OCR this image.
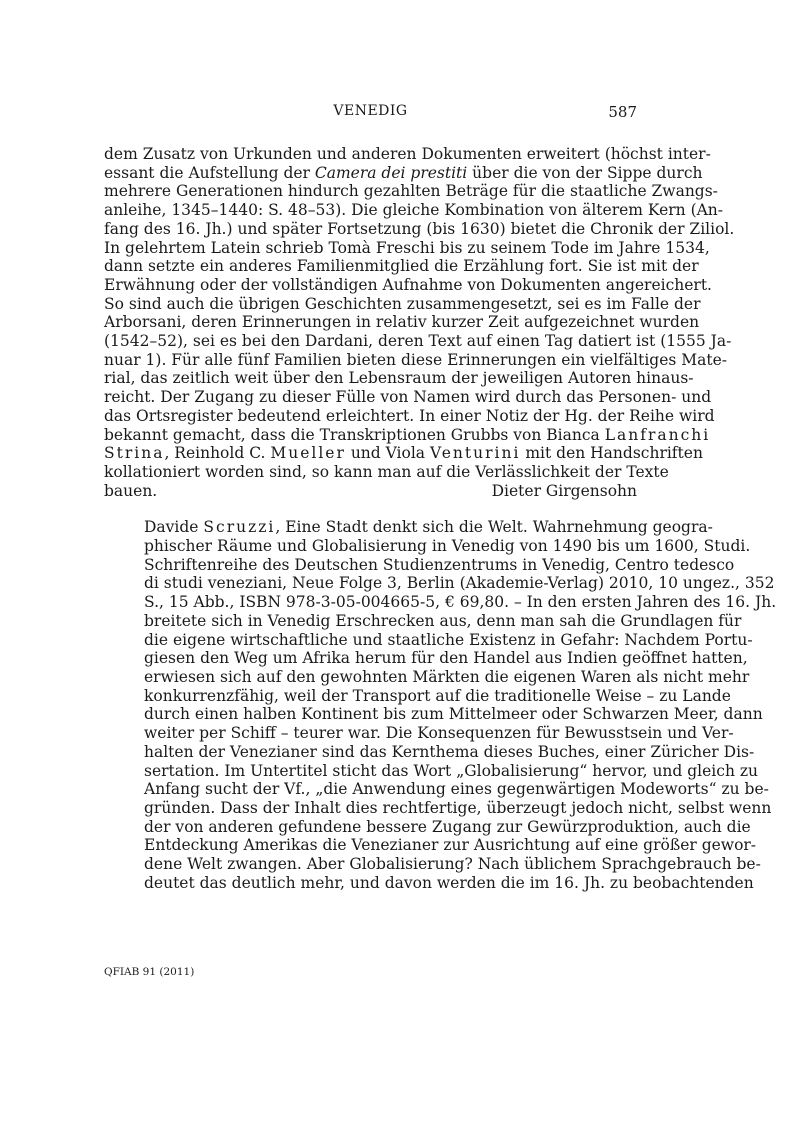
VENEDIG	587

dem Zusatz von Urkunden und anderen Dokumenten erweitert (höchst inter-
essant die Aufstellung der Camera dei prestiti über die von der Sippe durch
mehrere Generationen hindurch gezahlten Beträge für die staatliche Zwangs-
anleihe, 1345–1440: S. 48–53). Die gleiche Kombination von älterem Kern (An-
fang des 16. Jh.) und später Fortsetzung (bis 1630) bietet die Chronik der Ziliol.
In gelehrtem Latein schrieb Tomà Freschi bis zu seinem Tode im Jahre 1534,
dann setzte ein anderes Familienmitglied die Erzählung fort. Sie ist mit der
Erwähnung oder der vollständigen Aufnahme von Dokumenten angereichert.
So sind auch die übrigen Geschichten zusammengesetzt, sei es im Falle der
Arborsani, deren Erinnerungen in relativ kurzer Zeit aufgezeichnet wurden
(1542–52), sei es bei den Dardani, deren Text auf einen Tag datiert ist (1555 Ja-
nuar 1). Für alle fünf Familien bieten diese Erinnerungen ein vielfältiges Mate-
rial, das zeitlich weit über den Lebensraum der jeweiligen Autoren hinaus-
reicht. Der Zugang zu dieser Fülle von Namen wird durch das Personen- und
das Ortsregister bedeutend erleichtert. In einer Notiz der Hg. der Reihe wird
bekannt gemacht, dass die Transkriptionen Grubbs von Bianca Lanfranchi
Strina, Reinhold C. Mueller und Viola Venturini mit den Handschriften
kollationiert worden sind, so kann man auf die Verlässlichkeit der Texte
bauen.	Dieter Girgensohn

Davide Scruzzi, Eine Stadt denkt sich die Welt. Wahrnehmung geogra-
phischer Räume und Globalisierung in Venedig von 1490 bis um 1600, Studi.
Schriftenreihe des Deutschen Studienzentrums in Venedig, Centro tedesco
di studi veneziani, Neue Folge 3, Berlin (Akademie-Verlag) 2010, 10 ungez., 352
S., 15 Abb., ISBN 978-3-05-004665-5, € 69,80. – In den ersten Jahren des 16. Jh.
breitete sich in Venedig Erschrecken aus, denn man sah die Grundlagen für
die eigene wirtschaftliche und staatliche Existenz in Gefahr: Nachdem Portu-
giesen den Weg um Afrika herum für den Handel aus Indien geöffnet hatten,
erwiesen sich auf den gewohnten Märkten die eigenen Waren als nicht mehr
konkurrenzfähig, weil der Transport auf die traditionelle Weise – zu Lande
durch einen halben Kontinent bis zum Mittelmeer oder Schwarzen Meer, dann
weiter per Schiff – teurer war. Die Konsequenzen für Bewusstsein und Ver-
halten der Venezianer sind das Kernthema dieses Buches, einer Züricher Dis-
sertation. Im Untertitel sticht das Wort „Globalisierung“ hervor, und gleich zu
Anfang sucht der Vf., „die Anwendung eines gegenwärtigen Modeworts“ zu be-
gründen. Dass der Inhalt dies rechtfertige, überzeugt jedoch nicht, selbst wenn
der von anderen gefundene bessere Zugang zur Gewürzproduktion, auch die
Entdeckung Amerikas die Venezianer zur Ausrichtung auf eine größer gewor-
dene Welt zwangen. Aber Globalisierung? Nach üblichem Sprachgebrauch be-
deutet das deutlich mehr, und davon werden die im 16. Jh. zu beobachtenden

QFIAB 91 (2011)
